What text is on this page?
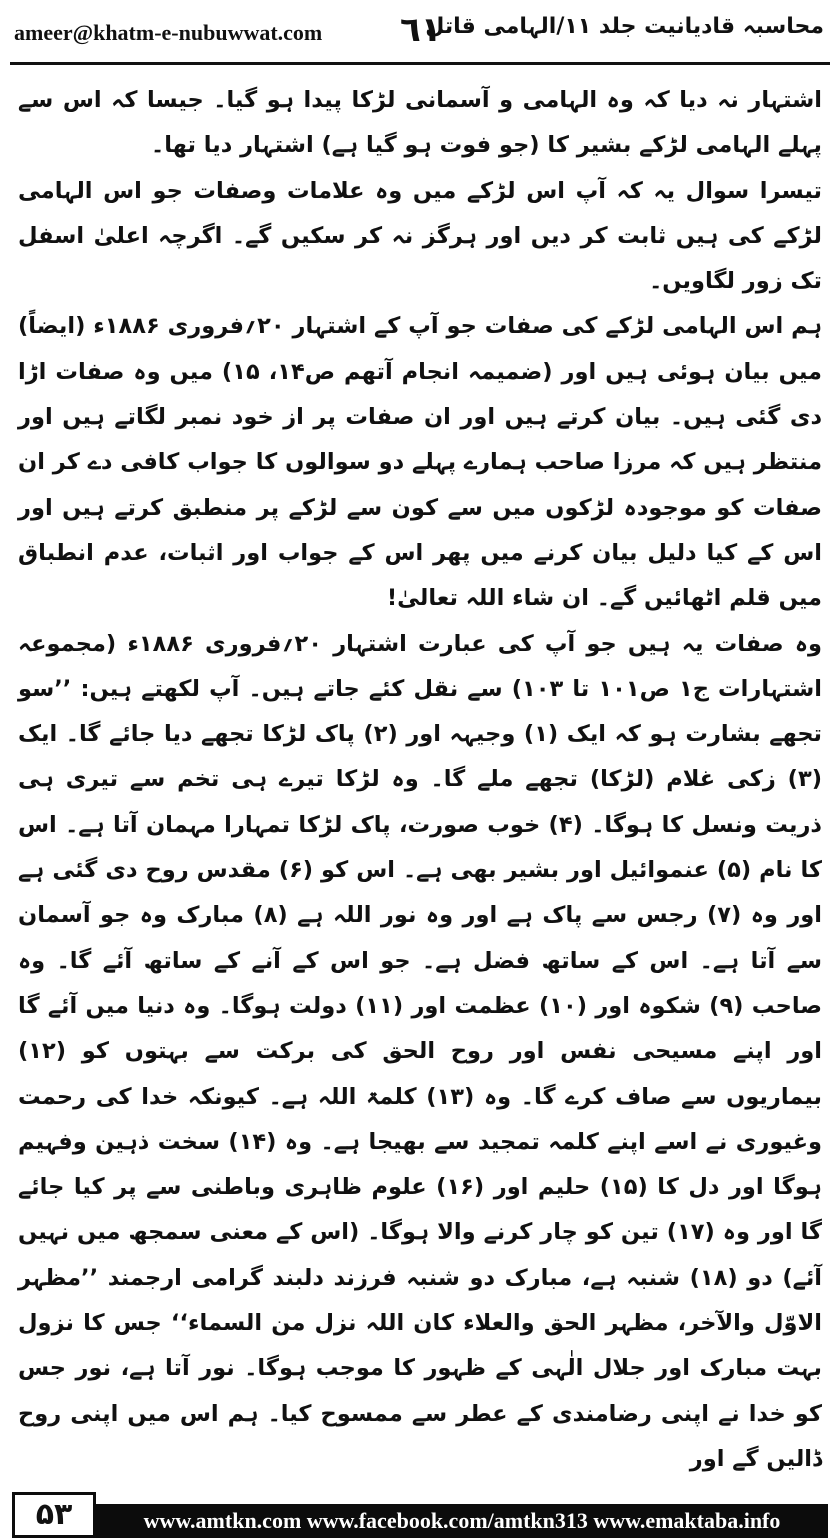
ameer@khatm-e-nubuwwat.com ٦١
محاسبہ قادیانیت جلد ۱۱/الہامی قاتل

اشتہار نہ دیا کہ وہ الہامی و آسمانی لڑکا پیدا ہو گیا۔ جیسا کہ اس سے پہلے الہامی لڑکے بشیر کا (جو فوت ہو گیا ہے) اشتہار دیا تھا۔

تیسرا سوال یہ کہ آپ اس لڑکے میں وہ علامات وصفات جو اس الہامی لڑکے کی ہیں ثابت کر دیں اور ہرگز نہ کر سکیں گے۔ اگرچہ اعلیٰ اسفل تک زور لگاویں۔

ہم اس الہامی لڑکے کی صفات جو آپ کے اشتہار ۲۰؍فروری ۱۸۸۶ء (ایضاً) میں بیان ہوئی ہیں اور (ضمیمہ انجام آتھم ص۱۴، ۱۵) میں وہ صفات اڑا دی گئی ہیں۔ بیان کرتے ہیں اور ان صفات پر از خود نمبر لگاتے ہیں اور منتظر ہیں کہ مرزا صاحب ہمارے پہلے دو سوالوں کا جواب کافی دے کر ان صفات کو موجودہ لڑکوں میں سے کون سے لڑکے پر منطبق کرتے ہیں اور اس کے کیا دلیل بیان کرنے میں پھر اس کے جواب اور اثبات، عدم انطباق میں قلم اٹھائیں گے۔ ان شاء اللہ تعالیٰ!

وہ صفات یہ ہیں جو آپ کی عبارت اشتہار ۲۰؍فروری ۱۸۸۶ء (مجموعہ اشتہارات ج۱ ص۱۰۱ تا ۱۰۳) سے نقل کئے جاتے ہیں۔ آپ لکھتے ہیں: ’’سو تجھے بشارت ہو کہ ایک (۱) وجیہہ اور (۲) پاک لڑکا تجھے دیا جائے گا۔ ایک (۳) زکی غلام (لڑکا) تجھے ملے گا۔ وہ لڑکا تیرے ہی تخم سے تیری ہی ذریت ونسل کا ہوگا۔ (۴) خوب صورت، پاک لڑکا تمہارا مہمان آتا ہے۔ اس کا نام (۵) عنموائیل اور بشیر بھی ہے۔ اس کو (۶) مقدس روح دی گئی ہے اور وہ (۷) رجس سے پاک ہے اور وہ نور اللہ ہے (۸) مبارک وہ جو آسمان سے آتا ہے۔ اس کے ساتھ فضل ہے۔ جو اس کے آنے کے ساتھ آئے گا۔ وہ صاحب (۹) شکوہ اور (۱۰) عظمت اور (۱۱) دولت ہوگا۔ وہ دنیا میں آئے گا اور اپنے مسیحی نفس اور روح الحق کی برکت سے بہتوں کو (۱۲) بیماریوں سے صاف کرے گا۔ وہ (۱۳) کلمۃ اللہ ہے۔ کیونکہ خدا کی رحمت وغیوری نے اسے اپنے کلمہ تمجید سے بھیجا ہے۔ وہ (۱۴) سخت ذہین وفہیم ہوگا اور دل کا (۱۵) حلیم اور (۱۶) علوم ظاہری وباطنی سے پر کیا جائے گا اور وہ (۱۷) تین کو چار کرنے والا ہوگا۔ (اس کے معنی سمجھ میں نہیں آئے) دو (۱۸) شنبہ ہے، مبارک دو شنبہ فرزند دلبند گرامی ارجمند ’’مظہر الاوّل والآخر، مظہر الحق والعلاء کان اللہ نزل من السماء‘‘ جس کا نزول بہت مبارک اور جلال الٰہی کے ظہور کا موجب ہوگا۔ نور آتا ہے، نور جس کو خدا نے اپنی رضامندی کے عطر سے ممسوح کیا۔ ہم اس میں اپنی روح ڈالیں گے اور

www.amtkn.com www.facebook.com/amtkn313 www.emaktaba.info
۵۳
